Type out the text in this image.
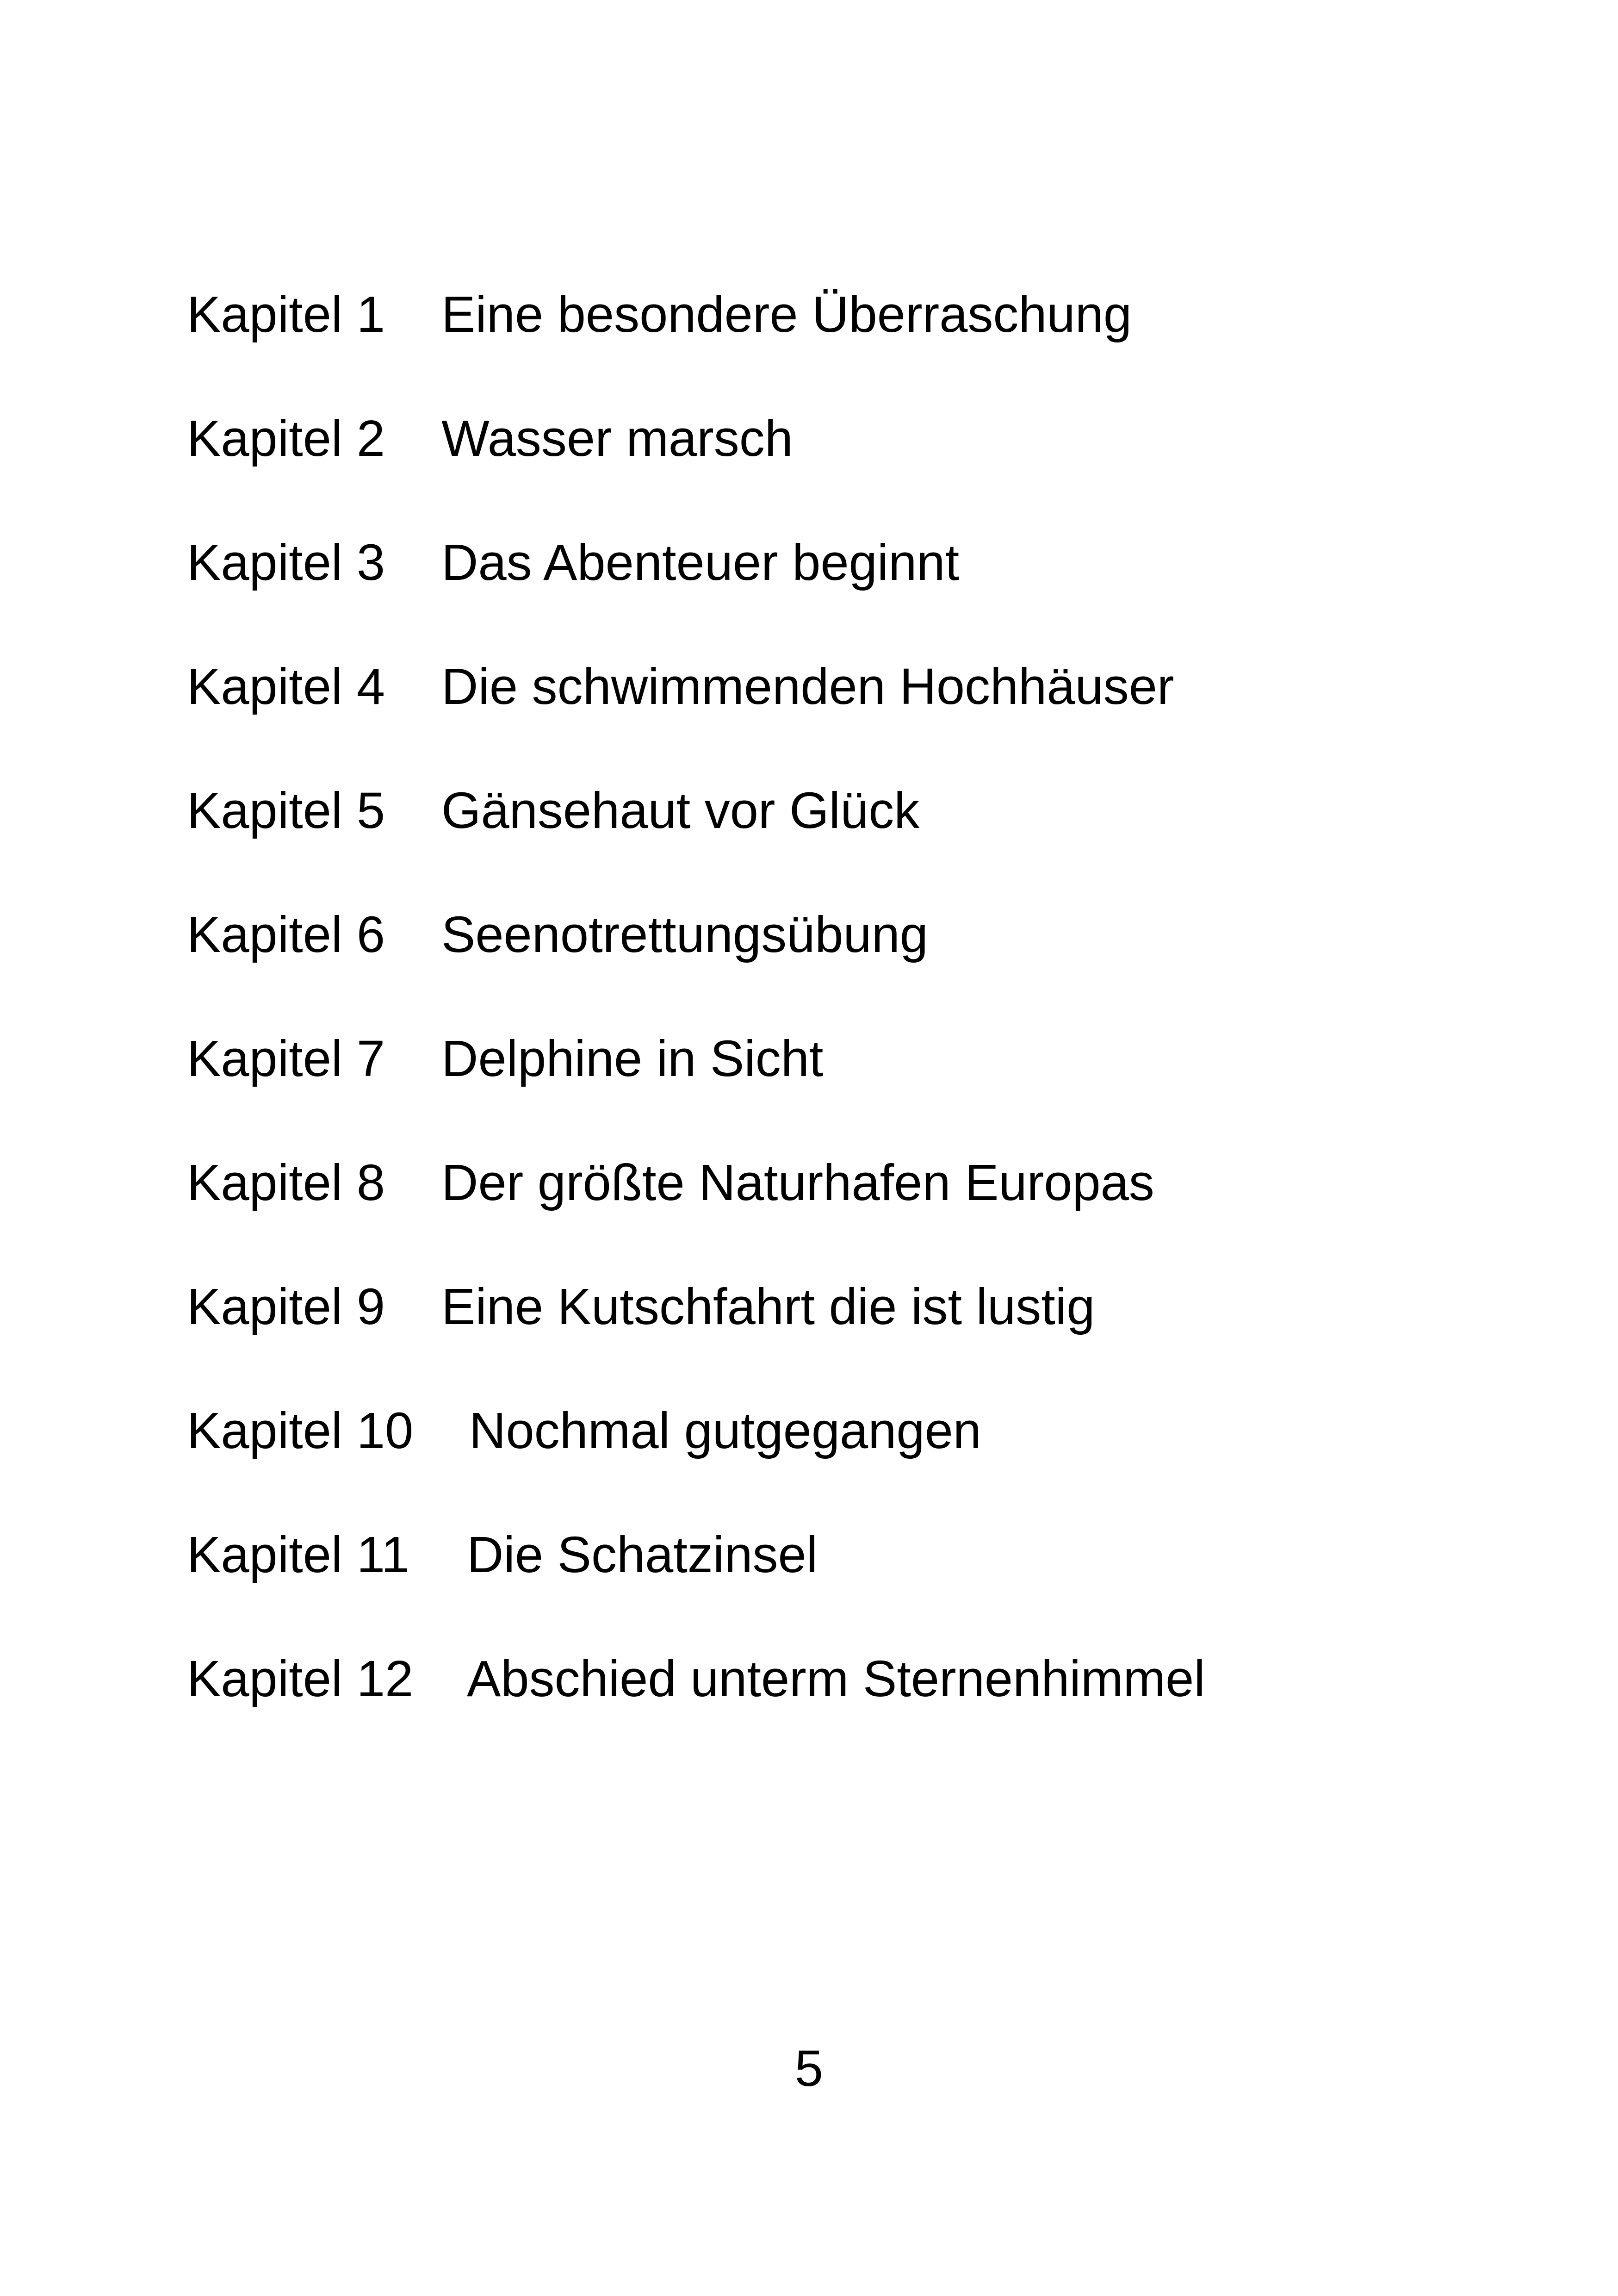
Kapitel 1 Eine besondere Überraschung
Kapitel 2 Wasser marsch
Kapitel 3 Das Abenteuer beginnt
Kapitel 4 Die schwimmenden Hochhäuser
Kapitel 5 Gänsehaut vor Glück
Kapitel 6 Seenotrettungsübung
Kapitel 7 Delphine in Sicht
Kapitel 8 Der größte Naturhafen Europas
Kapitel 9 Eine Kutschfahrt die ist lustig
Kapitel 10 Nochmal gutgegangen
Kapitel 11 Die Schatzinsel
Kapitel 12 Abschied unterm Sternenhimmel
5
